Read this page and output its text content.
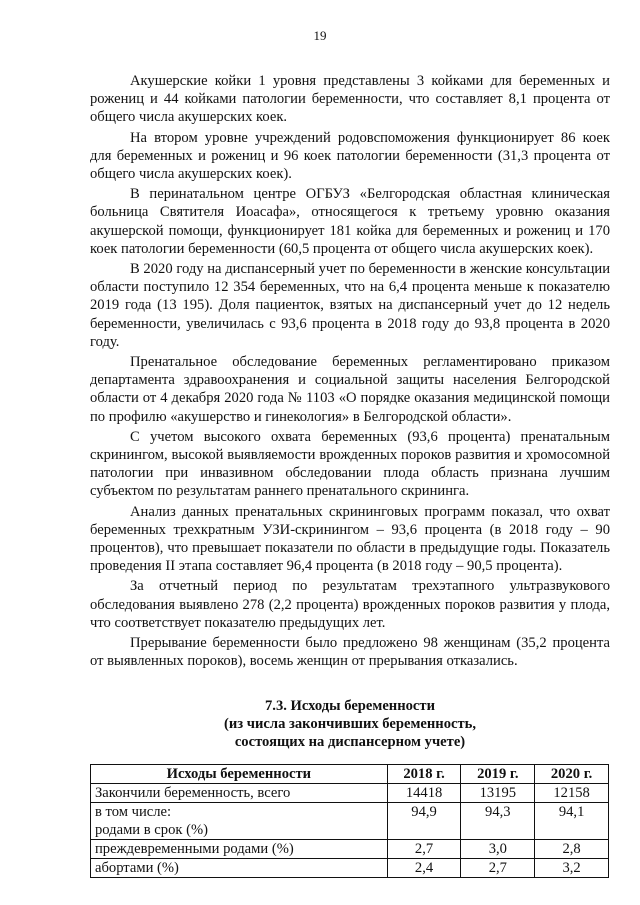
19

Акушерские койки 1 уровня представлены 3 койками для беременных и рожениц и 44 койками патологии беременности, что составляет 8,1 процента от общего числа акушерских коек.

На втором уровне учреждений родовспоможения функционирует 86 коек для беременных и рожениц и 96 коек патологии беременности (31,3 процента от общего числа акушерских коек).

В перинатальном центре ОГБУЗ «Белгородская областная клиническая больница Святителя Иоасафа», относящегося к третьему уровню оказания акушерской помощи, функционирует 181 койка для беременных и рожениц и 170 коек патологии беременности (60,5 процента от общего числа акушерских коек).

В 2020 году на диспансерный учет по беременности в женские консультации области поступило 12 354 беременных, что на 6,4 процента меньше к показателю 2019 года (13 195). Доля пациенток, взятых на диспансерный учет до 12 недель беременности, увеличилась с 93,6 процента в 2018 году до 93,8 процента в 2020 году.

Пренатальное обследование беременных регламентировано приказом департамента здравоохранения и социальной защиты населения Белгородской области от 4 декабря 2020 года № 1103 «О порядке оказания медицинской помощи по профилю «акушерство и гинекология» в Белгородской области».

С учетом высокого охвата беременных (93,6 процента) пренатальным скринингом, высокой выявляемости врожденных пороков развития и хромосомной патологии при инвазивном обследовании плода область признана лучшим субъектом по результатам раннего пренатального скрининга.

Анализ данных пренатальных скрининговых программ показал, что охват беременных трехкратным УЗИ-скринингом – 93,6 процента (в 2018 году – 90 процентов), что превышает показатели по области в предыдущие годы. Показатель проведения II этапа составляет 96,4 процента (в 2018 году – 90,5 процента).

За отчетный период по результатам трехэтапного ультразвукового обследования выявлено 278 (2,2 процента) врожденных пороков развития у плода, что соответствует показателю предыдущих лет.

Прерывание беременности было предложено 98 женщинам (35,2 процента от выявленных пороков), восемь женщин от прерывания отказались.

7.3. Исходы беременности
(из числа закончивших беременность,
состоящих на диспансерном учете)
Исходы беременности	2018 г.	2019 г.	2020 г.
Закончили беременность, всего	14418	13195	12158

в том числе:
родами в срок (%)	94,9	94,3	94,1
преждевременными родами (%)	2,7	3,0	2,8
абортами (%)	2,4	2,7	3,2
